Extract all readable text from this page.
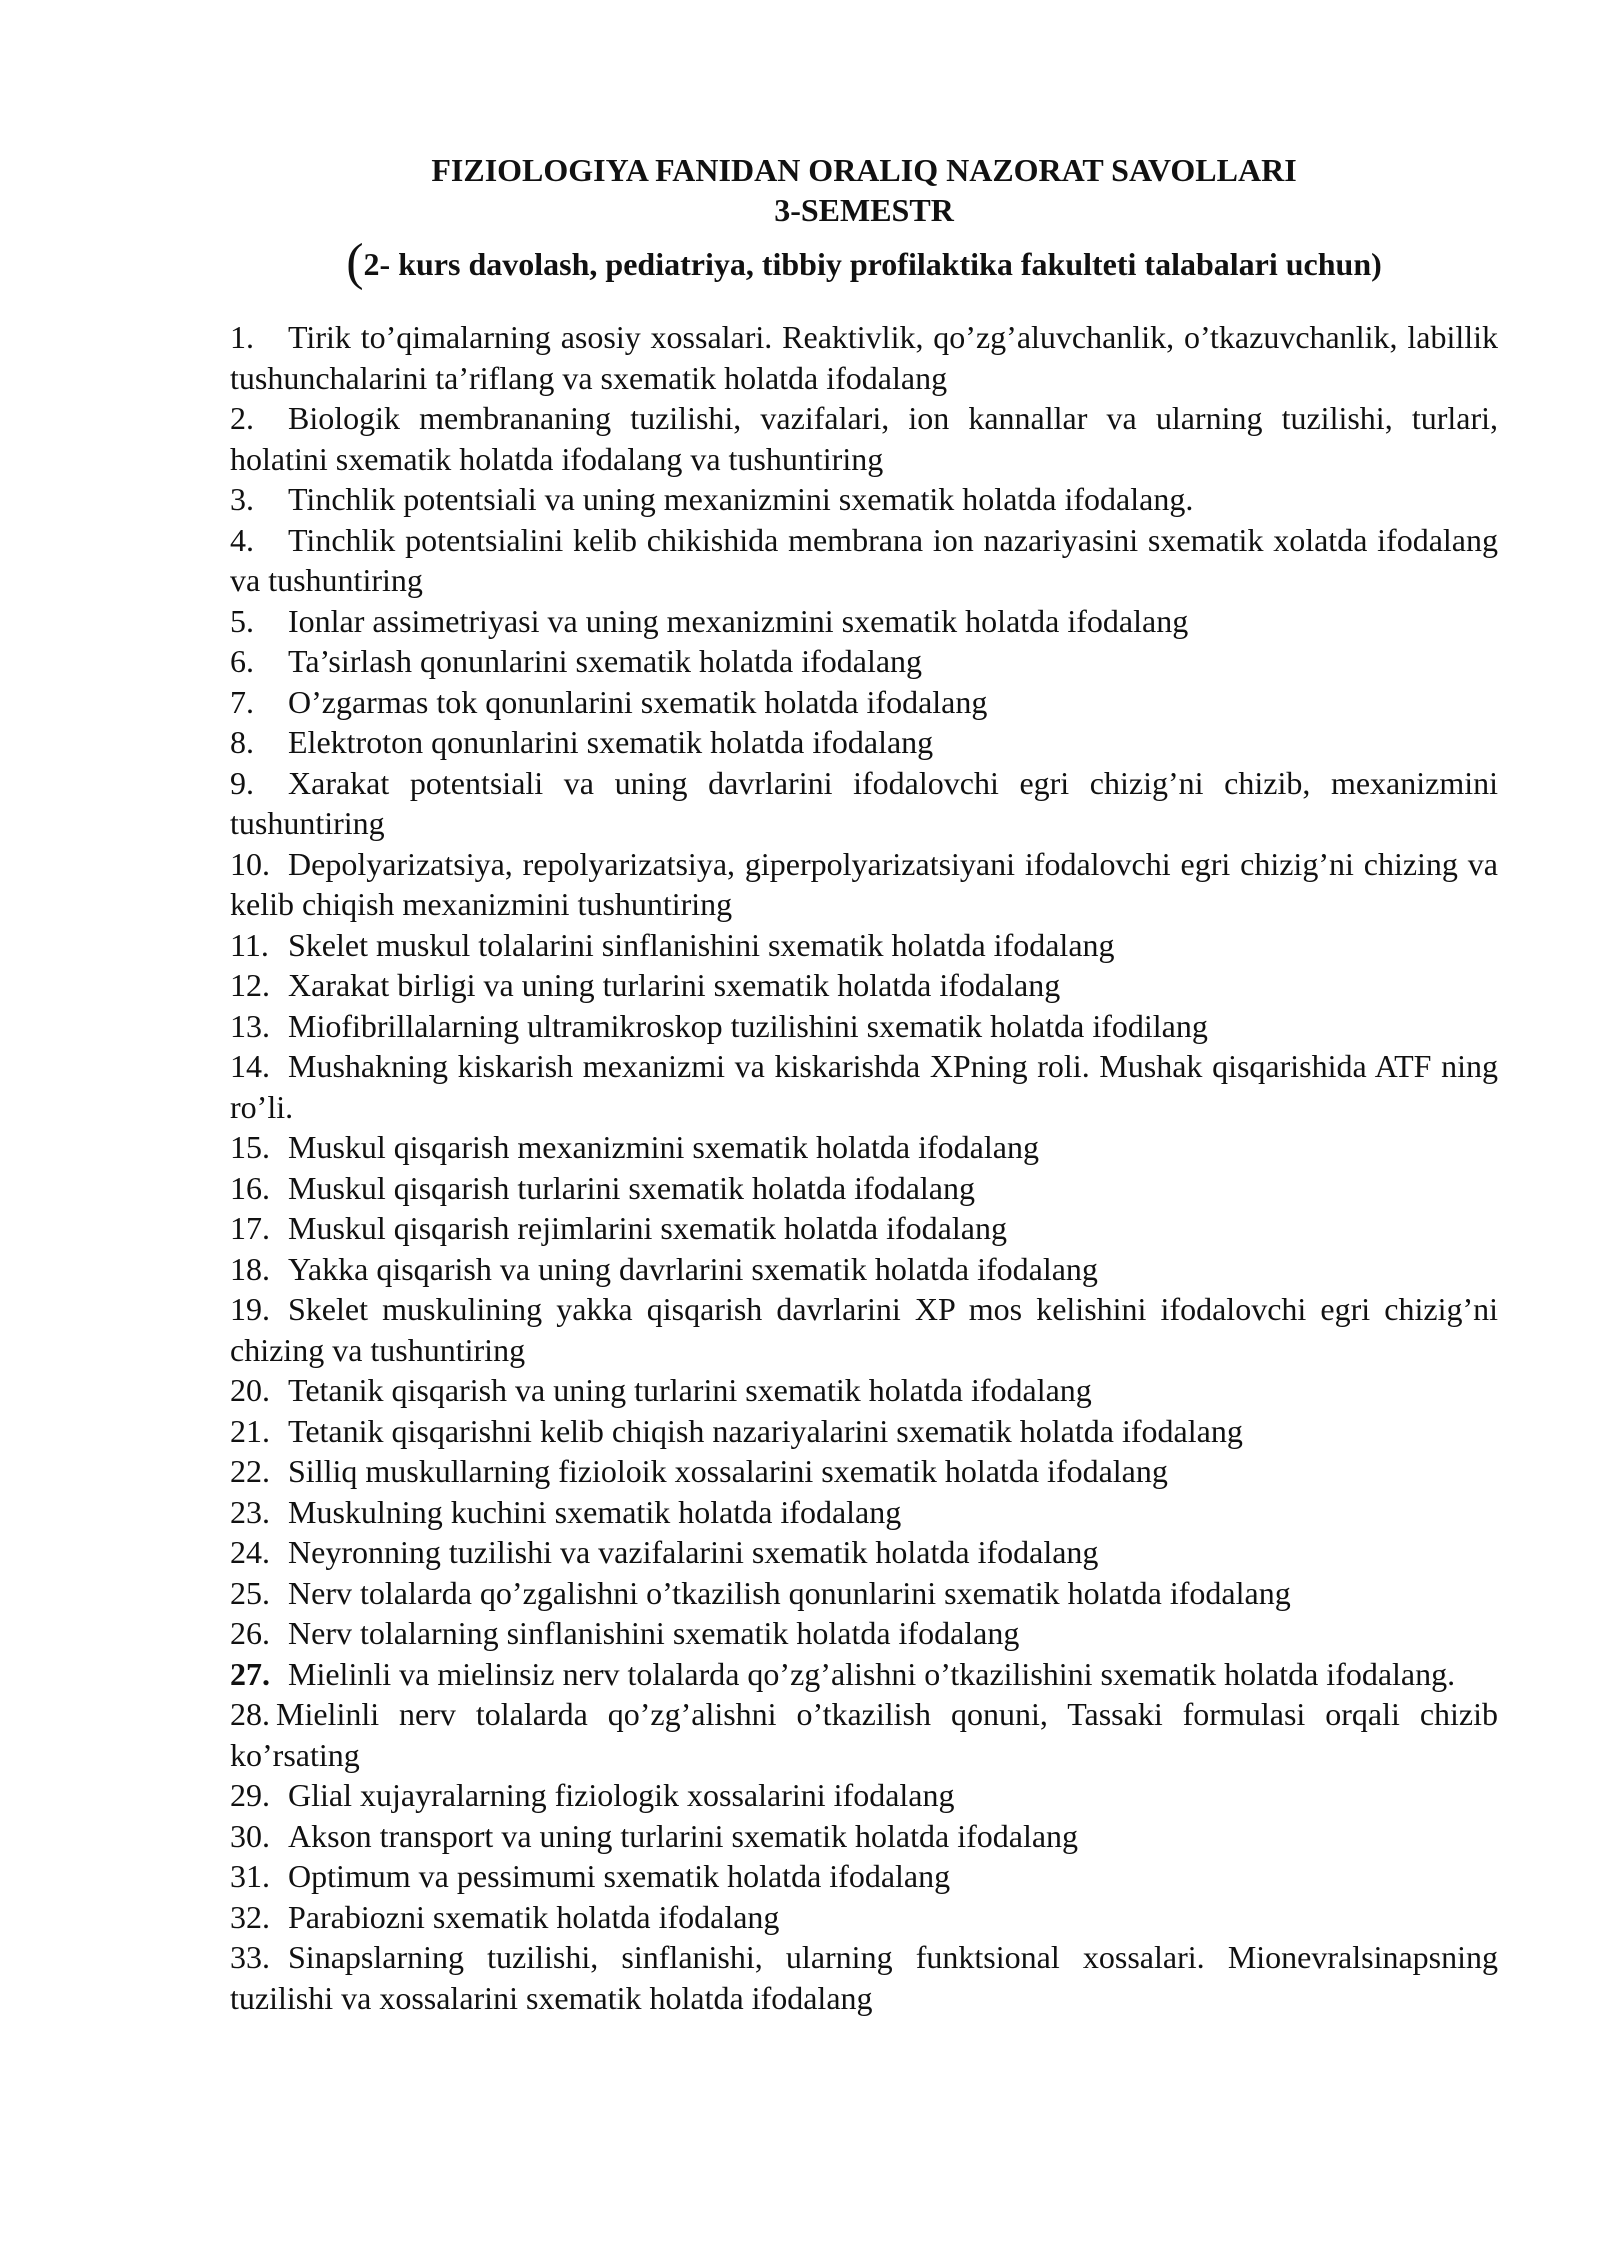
FIZIOLOGIYA FANIDAN ORALIQ NAZORAT SAVOLLARI

3-SEMESTR

(2- kurs davolash, pediatriya, tibbiy profilaktika fakulteti talabalari uchun)

1. Tirik to’qimalarning asosiy xossalari. Reaktivlik, qo’zg’aluvchanlik, o’tkazuvchanlik, labillik tushunchalarini ta’riflang va sxematik holatda ifodalang
2. Biologik membrananing tuzilishi, vazifalari, ion kannallar va ularning tuzilishi, turlari, holatini sxematik holatda ifodalang va tushuntiring
3. Tinchlik potentsiali va uning mexanizmini sxematik holatda ifodalang.
4. Tinchlik potentsialini kelib chikishida membrana ion nazariyasini sxematik xolatda ifodalang va tushuntiring
5. Ionlar assimetriyasi va uning mexanizmini sxematik holatda ifodalang
6. Ta’sirlash qonunlarini sxematik holatda ifodalang
7. O’zgarmas tok qonunlarini sxematik holatda ifodalang
8. Elektroton qonunlarini sxematik holatda ifodalang
9. Xarakat potentsiali va uning davrlarini ifodalovchi egri chizig’ni chizib, mexanizmini tushuntiring
10. Depolyarizatsiya, repolyarizatsiya, giperpolyarizatsiyani ifodalovchi egri chizig’ni chizing va kelib chiqish mexanizmini tushuntiring
11. Skelet muskul tolalarini sinflanishini sxematik holatda ifodalang
12. Xarakat birligi va uning turlarini sxematik holatda ifodalang
13. Miofibrillalarning ultramikroskop tuzilishini sxematik holatda ifodilang
14. Mushakning kiskarish mexanizmi va kiskarishda XPning roli. Mushak qisqarishida ATF ning ro’li.
15. Muskul qisqarish mexanizmini sxematik holatda ifodalang
16. Muskul qisqarish turlarini sxematik holatda ifodalang
17. Muskul qisqarish rejimlarini sxematik holatda ifodalang
18. Yakka qisqarish va uning davrlarini sxematik holatda ifodalang
19. Skelet muskulining yakka qisqarish davrlarini XP mos kelishini ifodalovchi egri chizig’ni chizing va tushuntiring
20. Tetanik qisqarish va uning turlarini sxematik holatda ifodalang
21. Tetanik qisqarishni kelib chiqish nazariyalarini sxematik holatda ifodalang
22. Silliq muskullarning fizioloik xossalarini sxematik holatda ifodalang
23. Muskulning kuchini sxematik holatda ifodalang
24. Neyronning tuzilishi va vazifalarini sxematik holatda ifodalang
25. Nerv tolalarda qo’zgalishni o’tkazilish qonunlarini sxematik holatda ifodalang
26. Nerv tolalarning sinflanishini sxematik holatda ifodalang
27. Mielinli va mielinsiz nerv tolalarda qo’zg’alishni o’tkazilishini sxematik holatda ifodalang.
28. Mielinli nerv tolalarda qo’zg’alishni o’tkazilish qonuni, Tassaki formulasi orqali chizib ko’rsating
29. Glial xujayralarning fiziologik xossalarini ifodalang
30. Akson transport va uning turlarini sxematik holatda ifodalang
31. Optimum va pessimumi sxematik holatda ifodalang
32. Parabiozni sxematik holatda ifodalang
33. Sinapslarning tuzilishi, sinflanishi, ularning funktsional xossalari. Mionevralsinapsning tuzilishi va xossalarini sxematik holatda ifodalang
